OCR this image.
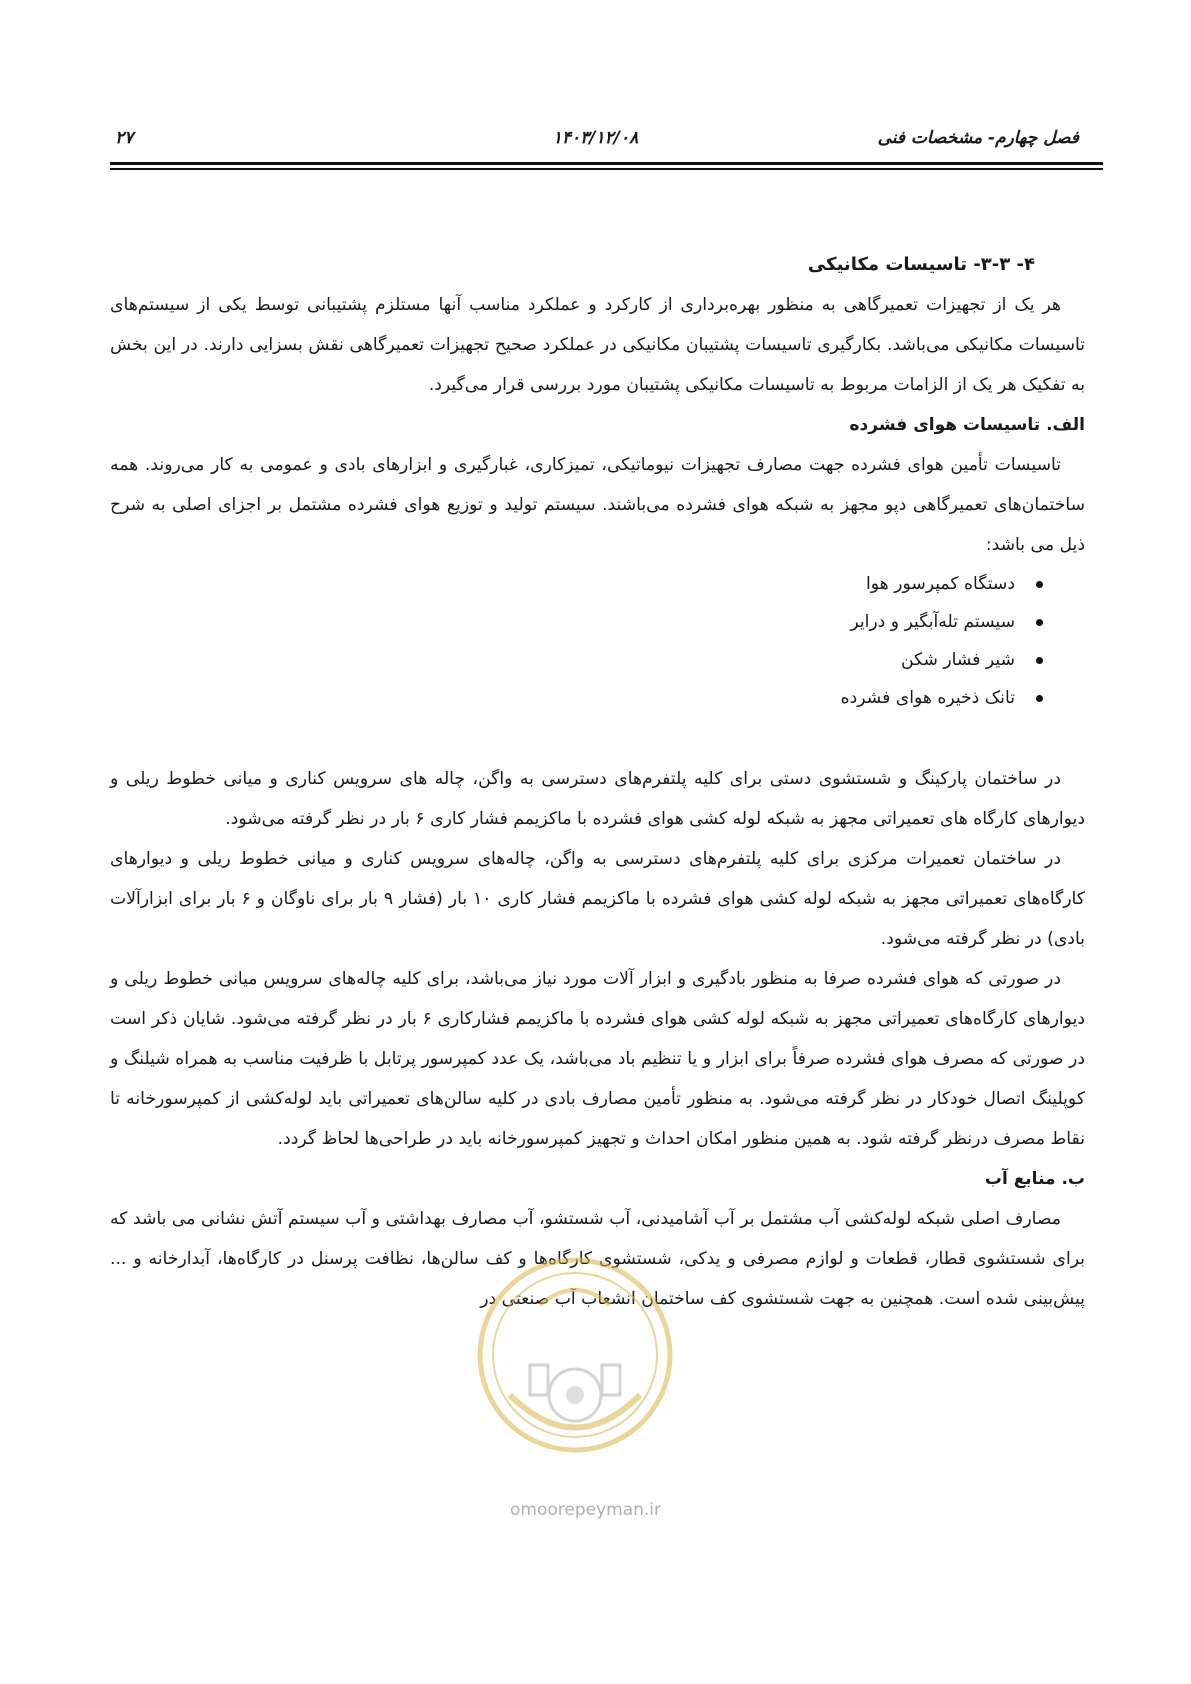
فصل چهارم- مشخصات فنی
۱۴۰۳/۱۲/۰۸
۲۷

۴- ۳-۳- تاسیسات مکانیکی

هر یک از تجهیزات تعمیرگاهی به منظور بهره‌برداری از کارکرد و عملکرد مناسب آنها مستلزم پشتیبانی توسط یکی از سیستم‌های تاسیسات مکانیکی می‌باشد. بکارگیری تاسیسات پشتیبان مکانیکی در عملکرد صحیح تجهیزات تعمیرگاهی نقش بسزایی دارند. در این بخش به تفکیک هر یک از الزامات مربوط به تاسیسات مکانیکی پشتیبان مورد بررسی قرار می‌گیرد.

الف. تاسیسات هوای فشرده

تاسیسات تأمین هوای فشرده جهت مصارف تجهیزات نیوماتیکی، تمیزکاری، غبارگیری و ابزارهای بادی و عمومی به کار می‌روند. همه ساختمان‌های تعمیرگاهی دپو مجهز به شبکه هوای فشرده می‌باشند. سیستم تولید و توزیع هوای فشرده مشتمل بر اجزای اصلی به شرح ذیل می باشد:

دستگاه کمپرسور هوا
سیستم تله‌آبگیر و درایر
شیر فشار شکن
تانک ذخیره هوای فشرده

در ساختمان پارکینگ و شستشوی دستی برای کلیه پلتفرم‌های دسترسی به واگن، چاله های سرویس کناری و میانی خطوط ریلی و دیوارهای کارگاه های تعمیراتی مجهز به شبکه لوله کشی هوای فشرده با ماکزیمم فشار کاری ۶ بار در نظر گرفته می‌شود.

در ساختمان تعمیرات مرکزی برای کلیه پلتفرم‌های دسترسی به واگن، چاله‌های سرویس کناری و میانی خطوط ریلی و دیوارهای کارگاه‌های تعمیراتی مجهز به شبکه لوله کشی هوای فشرده با ماکزیمم فشار کاری ۱۰ بار (فشار ۹ بار برای ناوگان و ۶ بار برای ابزارآلات بادی) در نظر گرفته می‌شود.

در صورتی که هوای فشرده صرفا به منظور بادگیری و ابزار آلات مورد نیاز می‌باشد، برای کلیه چاله‌های سرویس میانی خطوط ریلی و دیوارهای کارگاه‌های تعمیراتی مجهز به شبکه لوله کشی هوای فشرده با ماکزیمم فشارکاری ۶ بار در نظر گرفته می‌شود. شایان ذکر است در صورتی که مصرف هوای فشرده صرفاً برای ابزار و یا تنظیم باد می‌باشد، یک عدد کمپرسور پرتابل با ظرفیت مناسب به همراه شیلنگ و کوپلینگ اتصال خودکار در نظر گرفته می‌شود. به منظور تأمین مصارف بادی در کلیه سالن‌های تعمیراتی باید لوله‌کشی از کمپرسورخانه تا نقاط مصرف درنظر گرفته شود. به همین منظور امکان احداث و تجهیز کمپرسورخانه باید در طراحی‌ها لحاظ گردد.

ب. منابع آب

مصارف اصلی شبکه لوله‌کشی آب مشتمل بر آب آشامیدنی، آب شستشو، آب مصارف بهداشتی و آب سیستم آتش نشانی می باشد که برای شستشوی قطار، قطعات و لوازم مصرفی و یدکی، شستشوی کارگاه‌ها و کف سالن‌ها، نظافت پرسنل در کارگاه‌ها، آبدارخانه و ... پیش‌بینی شده است. همچنین به جهت شستشوی کف ساختمان انشعاب آب صنعتی در

omoorepeyman.ir
